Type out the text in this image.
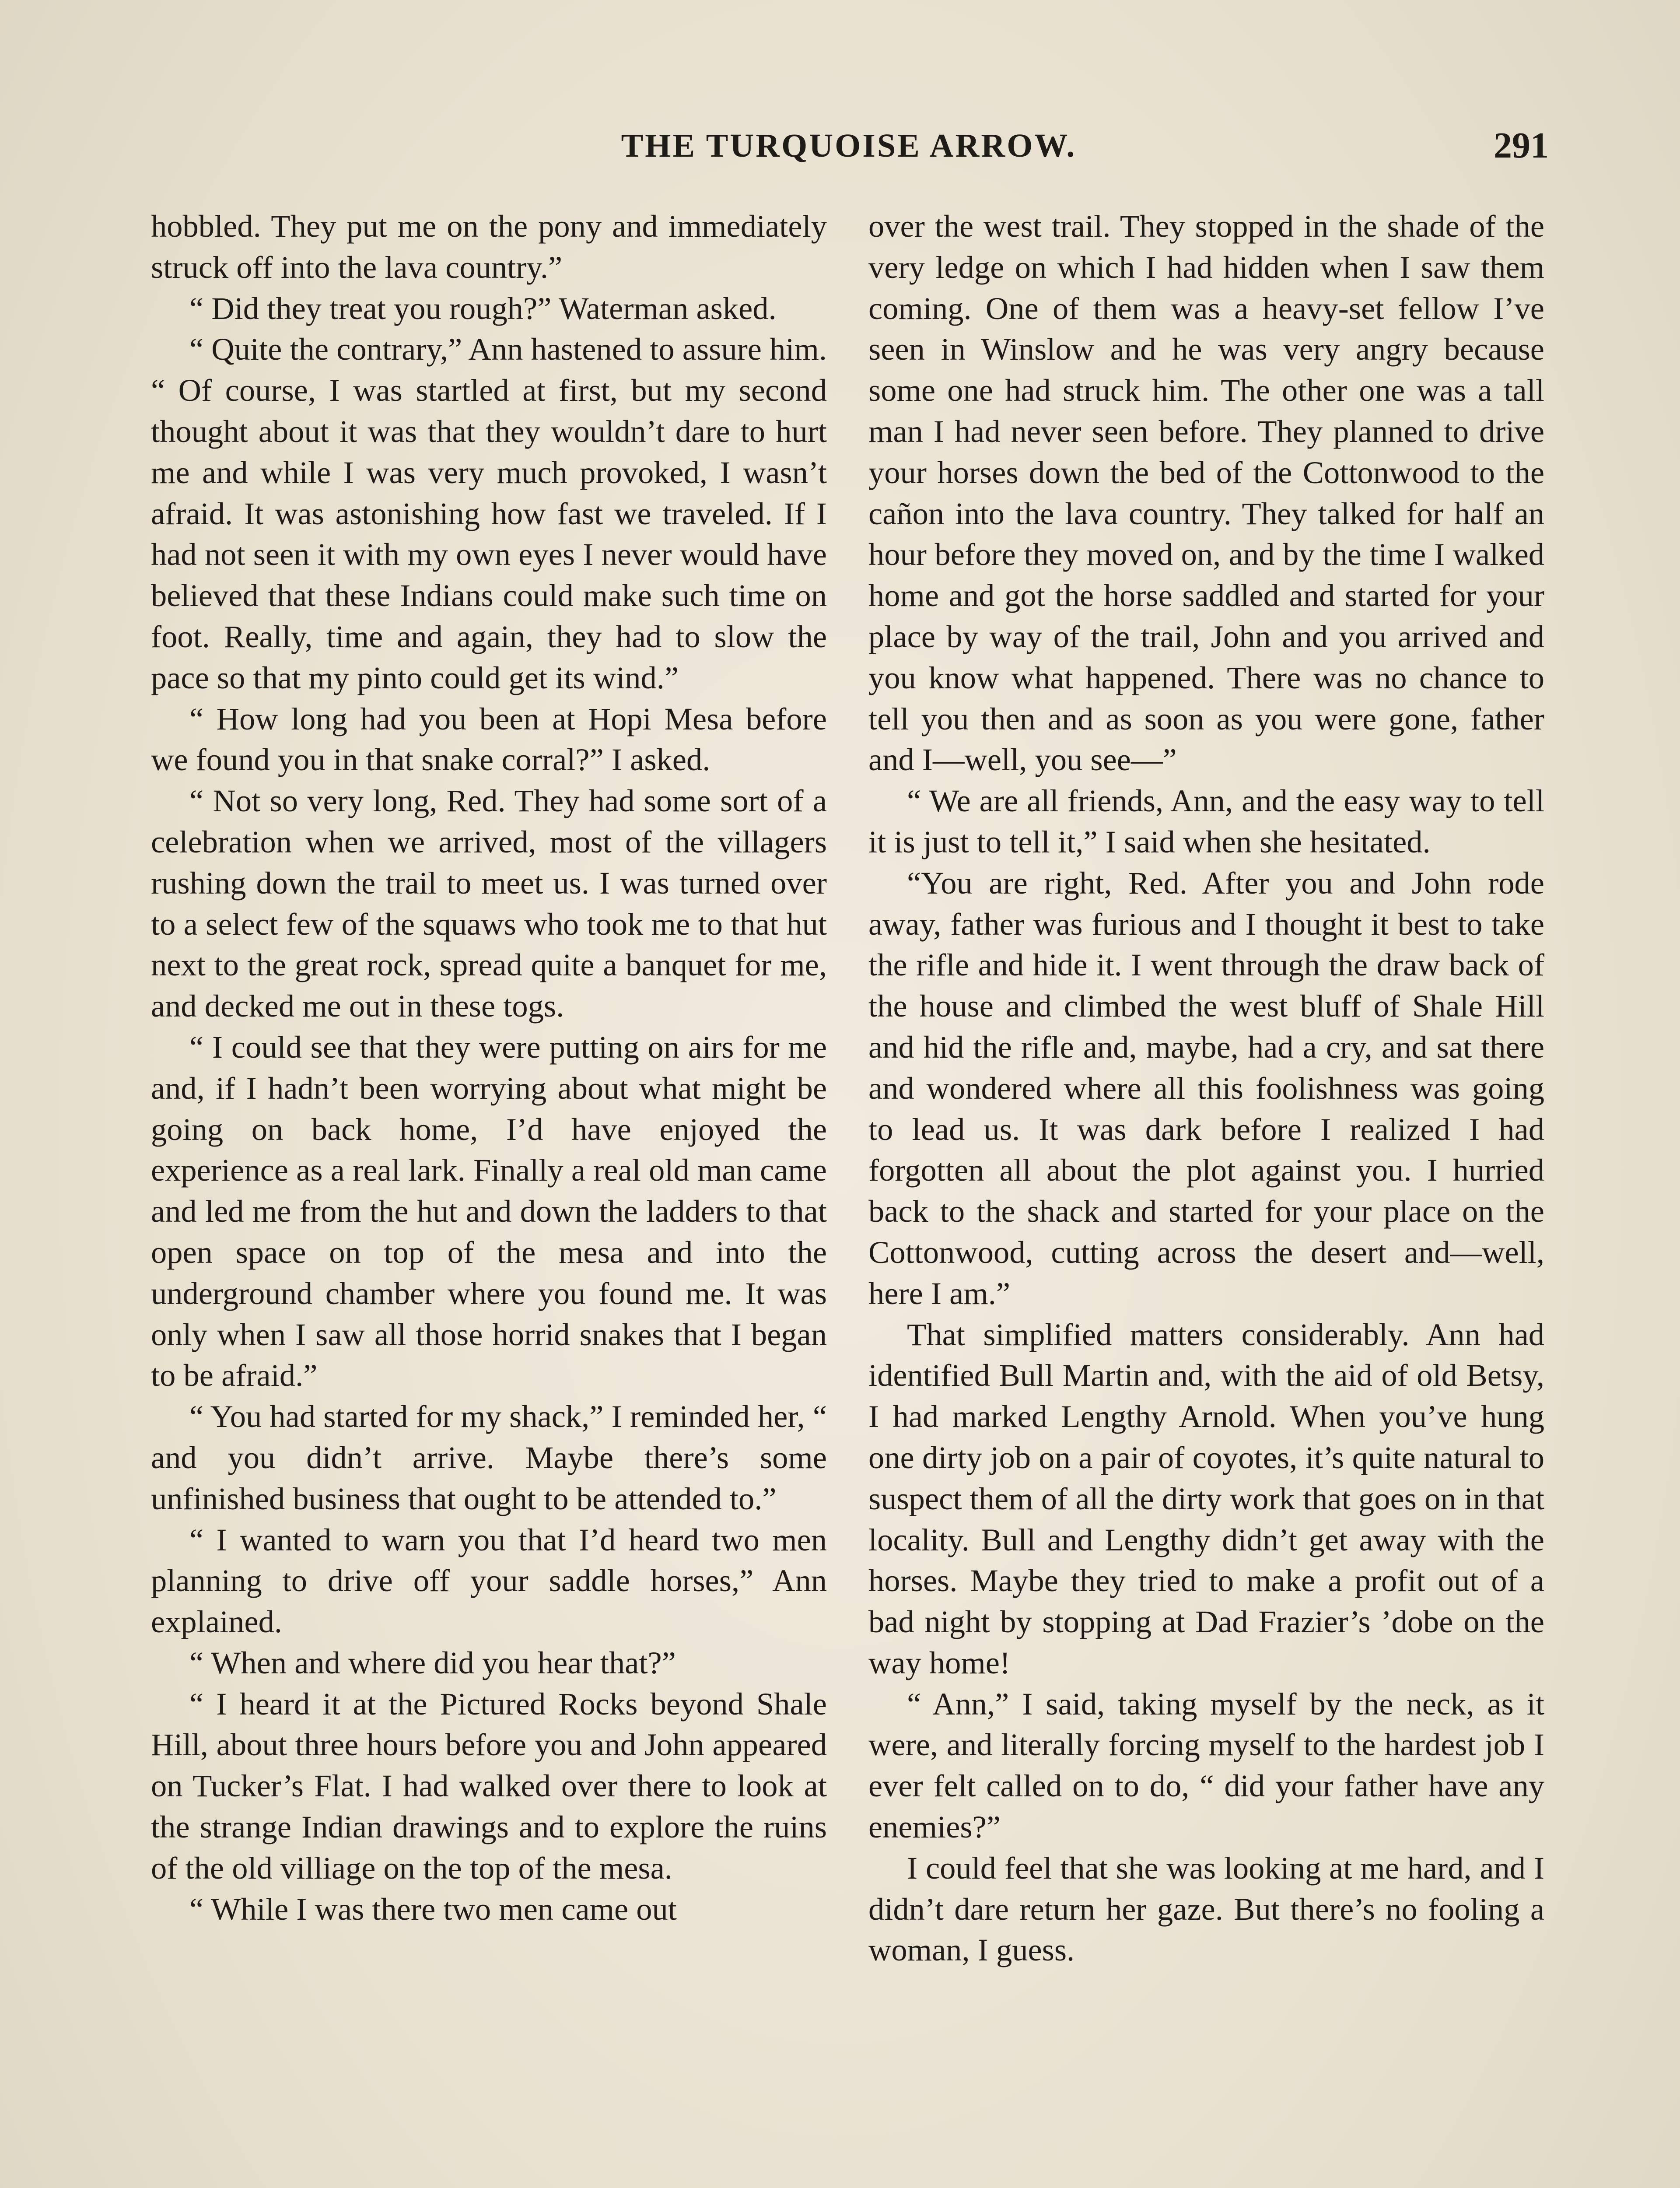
THE TURQUOISE ARROW.	291

hobbled. They put me on the pony and immediately struck off into the lava country.”

“ Did they treat you rough?” Waterman asked.

“ Quite the contrary,” Ann hastened to assure him. “ Of course, I was startled at first, but my second thought about it was that they wouldn’t dare to hurt me and while I was very much provoked, I wasn’t afraid. It was astonishing how fast we traveled. If I had not seen it with my own eyes I never would have believed that these Indians could make such time on foot. Really, time and again, they had to slow the pace so that my pinto could get its wind.”

“ How long had you been at Hopi Mesa before we found you in that snake corral?” I asked.

“ Not so very long, Red. They had some sort of a celebration when we arrived, most of the villagers rushing down the trail to meet us. I was turned over to a select few of the squaws who took me to that hut next to the great rock, spread quite a banquet for me, and decked me out in these togs.

“ I could see that they were putting on airs for me and, if I hadn’t been worrying about what might be going on back home, I’d have enjoyed the experience as a real lark. Finally a real old man came and led me from the hut and down the ladders to that open space on top of the mesa and into the underground chamber where you found me. It was only when I saw all those horrid snakes that I began to be afraid.”

“ You had started for my shack,” I reminded her, “ and you didn’t arrive. Maybe there’s some unfinished business that ought to be attended to.”

“ I wanted to warn you that I’d heard two men planning to drive off your saddle horses,” Ann explained.

“ When and where did you hear that?”

“ I heard it at the Pictured Rocks beyond Shale Hill, about three hours before you and John appeared on Tucker’s Flat. I had walked over there to look at the strange Indian drawings and to explore the ruins of the old villiage on the top of the mesa.

“ While I was there two men came out

over the west trail. They stopped in the shade of the very ledge on which I had hidden when I saw them coming. One of them was a heavy-set fellow I’ve seen in Winslow and he was very angry because some one had struck him. The other one was a tall man I had never seen before. They planned to drive your horses down the bed of the Cottonwood to the cañon into the lava country. They talked for half an hour before they moved on, and by the time I walked home and got the horse saddled and started for your place by way of the trail, John and you arrived and you know what happened. There was no chance to tell you then and as soon as you were gone, father and I—well, you see—”

“ We are all friends, Ann, and the easy way to tell it is just to tell it,” I said when she hesitated.

“You are right, Red. After you and John rode away, father was furious and I thought it best to take the rifle and hide it. I went through the draw back of the house and climbed the west bluff of Shale Hill and hid the rifle and, maybe, had a cry, and sat there and wondered where all this foolishness was going to lead us. It was dark before I realized I had forgotten all about the plot against you. I hurried back to the shack and started for your place on the Cottonwood, cutting across the desert and—well, here I am.”

That simplified matters considerably. Ann had identified Bull Martin and, with the aid of old Betsy, I had marked Lengthy Arnold. When you’ve hung one dirty job on a pair of coyotes, it’s quite natural to suspect them of all the dirty work that goes on in that locality. Bull and Lengthy didn’t get away with the horses. Maybe they tried to make a profit out of a bad night by stopping at Dad Frazier’s ’dobe on the way home!

“ Ann,” I said, taking myself by the neck, as it were, and literally forcing myself to the hardest job I ever felt called on to do, “ did your father have any enemies?”

I could feel that she was looking at me hard, and I didn’t dare return her gaze. But there’s no fooling a woman, I guess.
